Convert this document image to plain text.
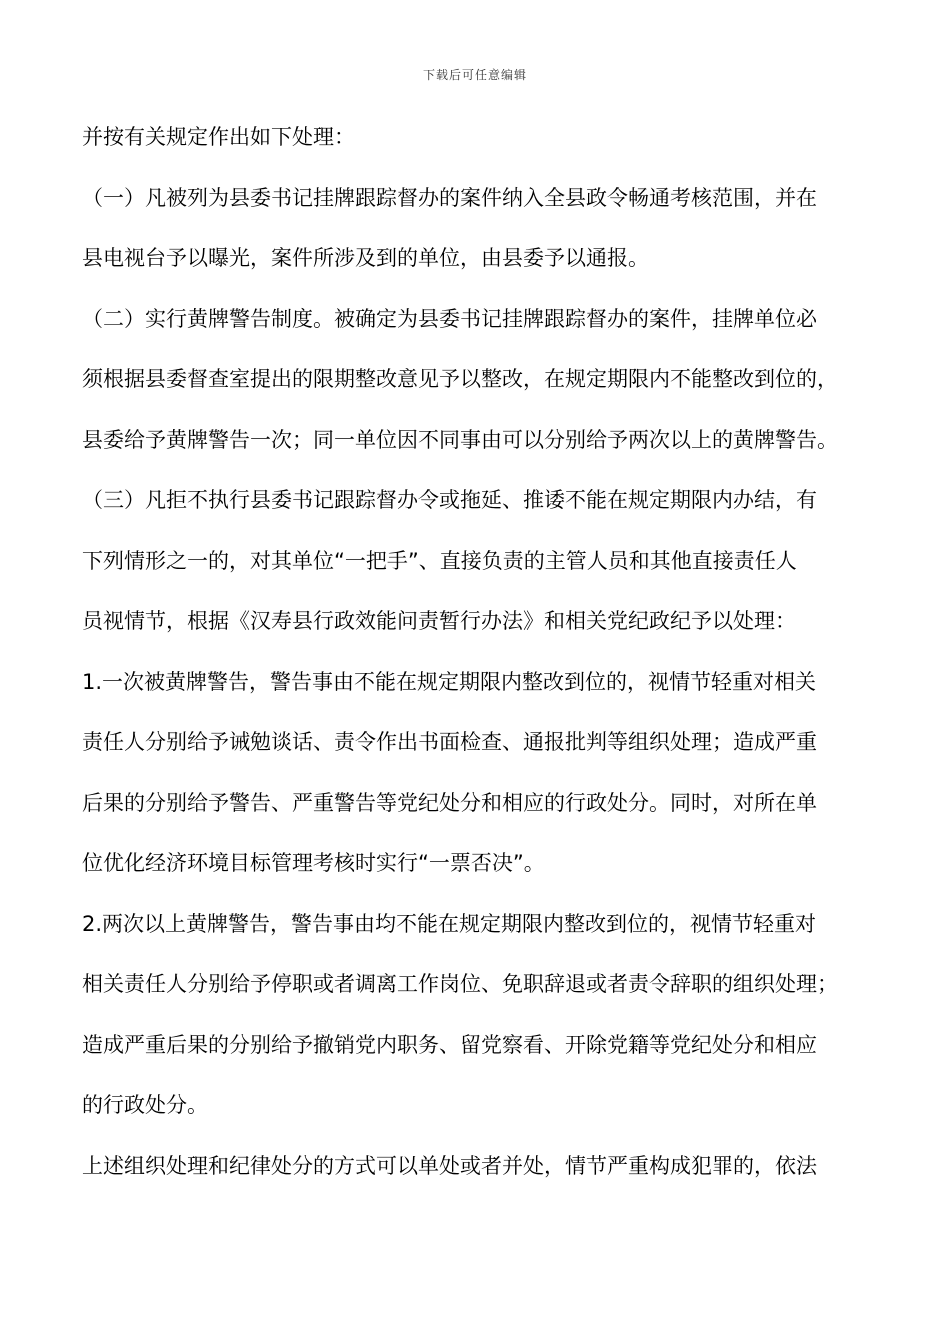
下载后可任意编辑
并按有关规定作出如下处理：
（一）凡被列为县委书记挂牌跟踪督办的案件纳入全县政令畅通考核范围，并在
县电视台予以曝光，案件所涉及到的单位，由县委予以通报。
（二）实行黄牌警告制度。被确定为县委书记挂牌跟踪督办的案件，挂牌单位必
须根据县委督查室提出的限期整改意见予以整改，在规定期限内不能整改到位的，
县委给予黄牌警告一次；同一单位因不同事由可以分别给予两次以上的黄牌警告。
（三）凡拒不执行县委书记跟踪督办令或拖延、推诿不能在规定期限内办结，有
下列情形之一的，对其单位“一把手”、直接负责的主管人员和其他直接责任人
员视情节，根据《汉寿县行政效能问责暂行办法》和相关党纪政纪予以处理：
1.一次被黄牌警告，警告事由不能在规定期限内整改到位的，视情节轻重对相关
责任人分别给予诫勉谈话、责令作出书面检查、通报批判等组织处理；造成严重
后果的分别给予警告、严重警告等党纪处分和相应的行政处分。同时，对所在单
位优化经济环境目标管理考核时实行“一票否决”。
2.两次以上黄牌警告，警告事由均不能在规定期限内整改到位的，视情节轻重对
相关责任人分别给予停职或者调离工作岗位、免职辞退或者责令辞职的组织处理；
造成严重后果的分别给予撤销党内职务、留党察看、开除党籍等党纪处分和相应
的行政处分。
上述组织处理和纪律处分的方式可以单处或者并处，情节严重构成犯罪的，依法
